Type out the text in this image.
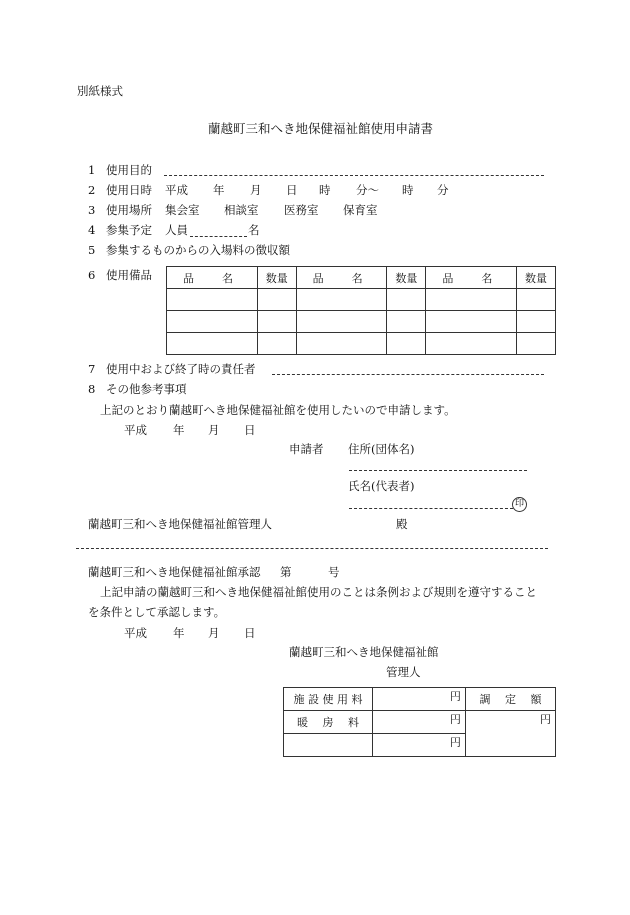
別紙様式
蘭越町三和へき地保健福祉館使用申請書
1 使用目的
2 使用日時 平成 年 月 日 時 分～ 時 分
3 使用場所 集会室 相談室 医務室 保育室
4 参集予定 人員	名
5 参集するものからの入場料の徴収額
6 使用備品	品 名	数量	品 名	数量	品 名	数量

7 使用中および終了時の責任者
8 その他参考事項
上記のとおり蘭越町へき地保健福祉館を使用したいので申請します。
平成 年 月 日
申請者 住所(団体名)
氏名(代表者)
印
蘭越町三和へき地保健福祉館管理人	殿
蘭越町三和へき地保健福祉館承認 第	号
上記申請の蘭越町三和へき地保健福祉館使用のことは条例および規則を遵守すること
を条件として承認します。
平成 年 月 日
蘭越町三和へき地保健福祉館
管理人
施 設 使 用 料	円	調　 定　 額
暖　 房　 料	円	円
	円	
